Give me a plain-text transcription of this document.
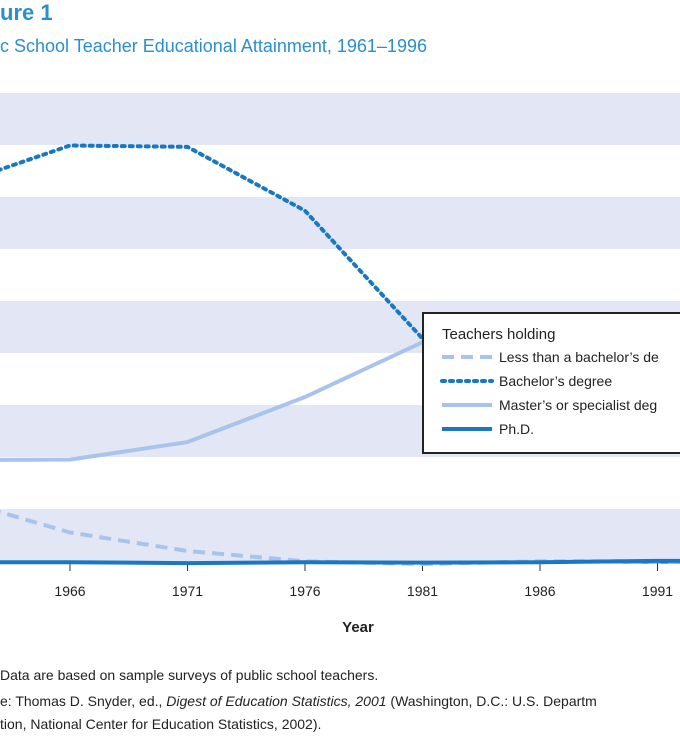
ure 1
c School Teacher Educational Attainment, 1961–1996
1966	1971	1976	1981	1986	1991
Year
Teachers holding
Less than a bachelor’s de
Bachelor’s degree
Master’s or specialist deg
Ph.D.
Data are based on sample surveys of public school teachers.
e: Thomas D. Snyder, ed., Digest of Education Statistics, 2001 (Washington, D.C.: U.S. Departm
tion, National Center for Education Statistics, 2002).
